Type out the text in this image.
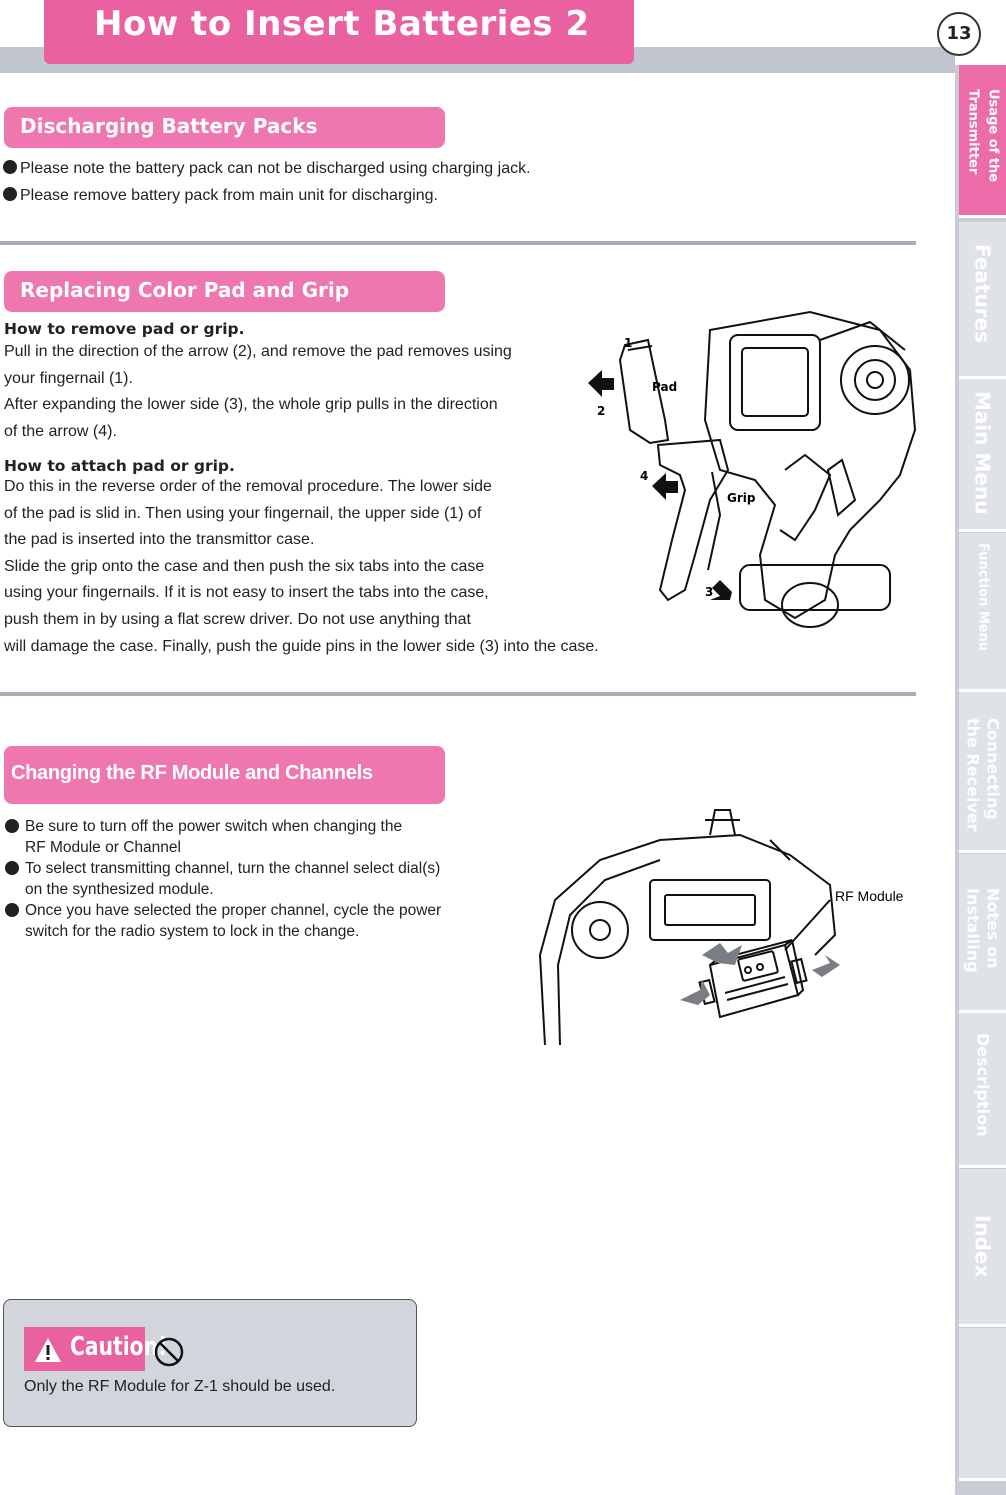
How to Insert Batteries 2	13
Usage of the
Transmitter
Features
Main Menu
Function Menu
Connecting
the Receiver
Notes on
Installing
Description
Index
Discharging Battery Packs
Please note the battery pack can not be discharged using charging jack.
Please remove battery pack from main unit for discharging.
Replacing Color Pad and Grip
How to remove pad or grip.
Pull in the direction of the arrow (2), and remove the pad removes using
your fingernail (1).
After expanding the lower side (3), the whole grip pulls in the direction
of the arrow (4).
How to attach pad or grip.
Do this in the reverse order of the removal procedure. The lower side
of the pad is slid in. Then using your fingernail, the upper side (1) of
the pad is inserted into the transmittor case.
Slide the grip onto the case and then push the six tabs into the case
using your fingernails. If it is not easy to insert the tabs into the case,
push them in by using a flat screw driver. Do not use anything that
will damage the case. Finally, push the guide pins in the lower side (3) into the case.
1
2
3
4
Pad
Grip
Changing the RF Module and Channels
Be sure to turn off the power switch when changing the
RF Module or Channel
To select transmitting channel, turn the channel select dial(s)
on the synthesized module.
Once you have selected the proper channel, cycle the power
switch for the radio system to lock in the change.
RF Module
Caution!
Only the RF Module for Z-1 should be used.
